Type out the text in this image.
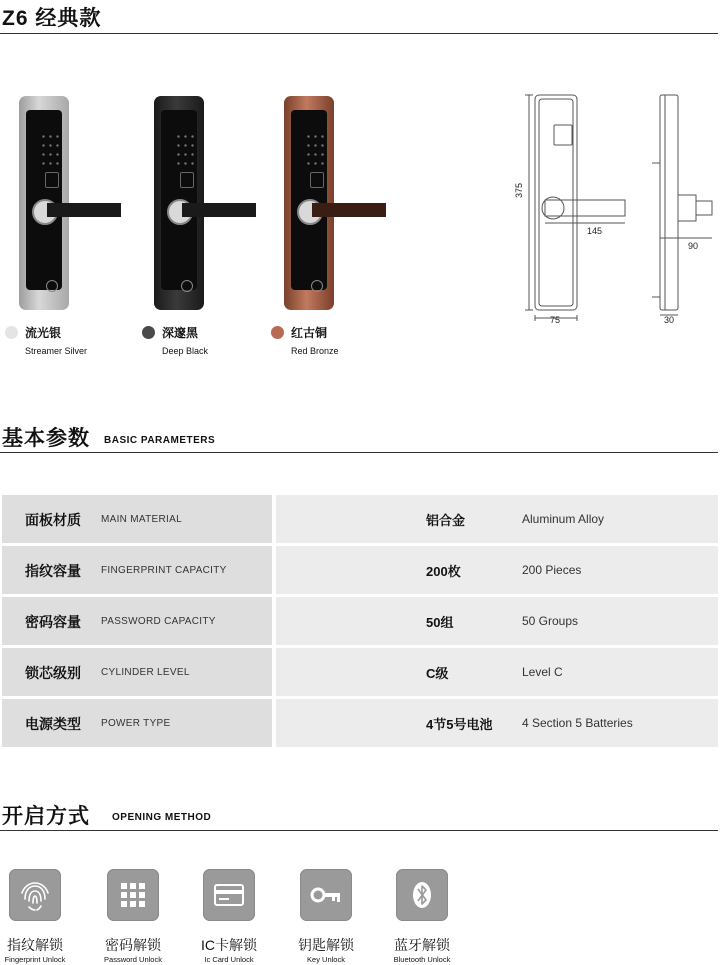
Z6 经典款
流光银
Streamer Silver
深邃黑
Deep Black
红古铜
Red Bronze
375
145
75	30
90
基本参数 BASIC PARAMETERS
面板材质 MAIN MATERIAL	铝合金	Aluminum Alloy
指纹容量 FINGERPRINT CAPACITY	200枚	200 Pieces
密码容量 PASSWORD CAPACITY	50组	50 Groups
锁芯级别 CYLINDER LEVEL	C级	Level C
电源类型 POWER TYPE	4节5号电池 4 Section 5 Batteries
开启方式 OPENING METHOD
指纹解锁
Fingerprint Unlock
密码解锁
Password Unlock
IC卡解锁
Ic Card Unlock
钥匙解锁
Key Unlock
蓝牙解锁
Bluetooth Unlock
